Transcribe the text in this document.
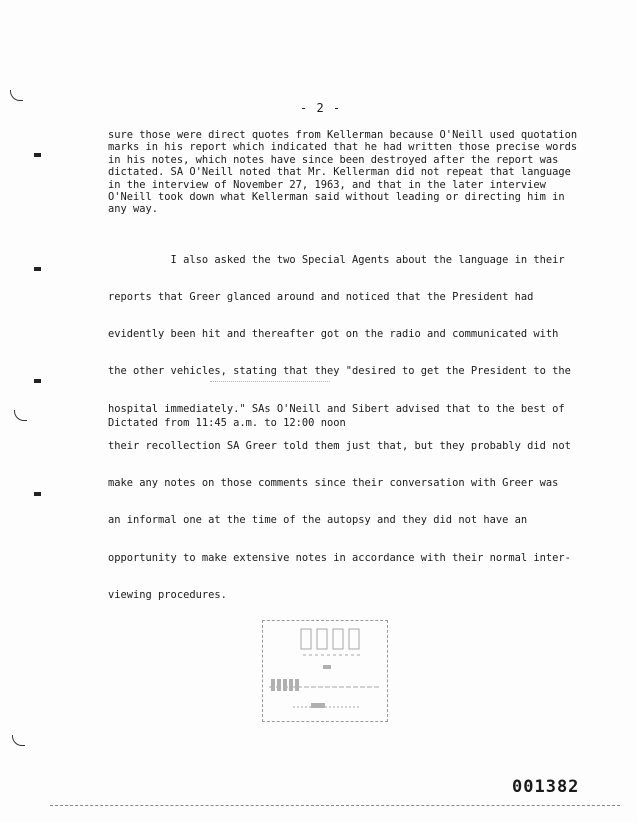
- 2 -
sure those were direct quotes from Kellerman because O'Neill used quotation
marks in his report which indicated that he had written those precise words
in his notes, which notes have since been destroyed after the report was
dictated. SA O'Neill noted that Mr. Kellerman did not repeat that language
in the interview of November 27, 1963, and that in the later interview
O'Neill took down what Kellerman said without leading or directing him in
any way.

I also asked the two Special Agents about the language in their

reports that Greer glanced around and noticed that the President had

evidently been hit and thereafter got on the radio and communicated with

the other vehicles, stating that they "desired to get the President to the

hospital immediately." SAs O'Neill and Sibert advised that to the best of

their recollection SA Greer told them just that, but they probably did not

make any notes on those comments since their conversation with Greer was

an informal one at the time of the autopsy and they did not have an

opportunity to make extensive notes in accordance with their normal inter-

viewing procedures.

Dictated from 11:45 a.m. to 12:00 noon
001382
